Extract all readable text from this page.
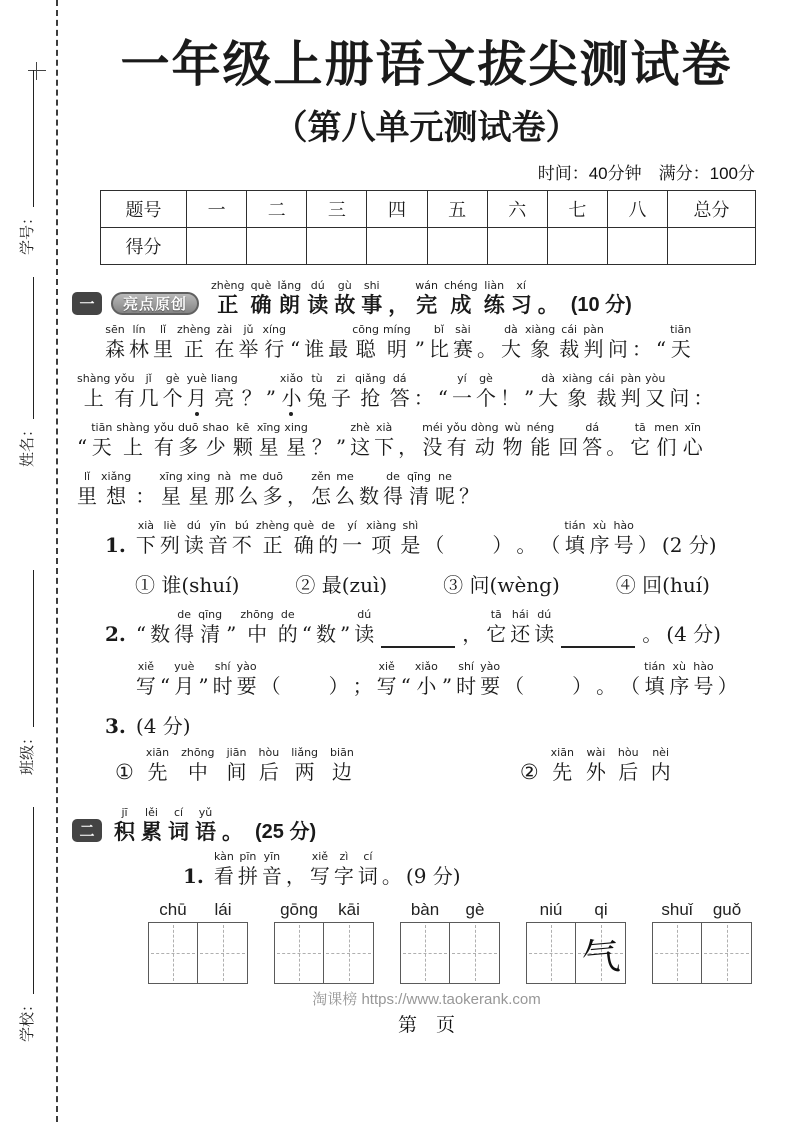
学号：
姓名：
班级：
学校：
一年级上册语文拔尖测试卷
（第八单元测试卷）
时间：40分钟　满分：100分
题号	一	二	三	四	五	六	七	八	总分
得分									
一	亮点原创
zhèng
正
què
确
lǎng
朗
dú
读
gù
故
shi
事
，
wán
完
chéng
成
liàn
练
xí
习
。 (10 分)

sēn
森
lín
林
lǐ
里
zhèng
正
zài
在
jǔ
举
xíng
行
“
谁
最
cōng
聪
míng
明
”
bǐ
比
sài
赛
。
dà
大
xiàng
象
cái
裁
pàn
判
问
：
“
tiān
天

shàng
上
yǒu
有
jǐ
几
gè
个
yuè
月
liang
亮
？
”
xiǎo
小
tù
兔
zi
子
qiǎng
抢
dá
答
：
“
yí
一
gè
个
！
”
dà
大
xiàng
象
cái
裁
pàn
判
yòu
又
问
：

“
tiān
天
shàng
上
yǒu
有
duō
多
shao
少
kē
颗
xīng
星
xing
星
？
”
zhè
这
xià
下
，
méi
没
yǒu
有
dòng
动
wù
物
néng
能
回
dá
答
。
tā
它
men
们
xīn
心

lǐ
里
xiǎng
想
：
xīng
星
xing
星
nà
那
me
么
duō
多
，
zěn
怎
me
么
数
de
得
qīng
清
ne
呢
？

1.
xià
下
liè
列
dú
读
yīn
音
bú
不
zhèng
正
què
确
de
的
yí
一
xiàng
项
shì
是
（

）
。
（
tián
填
xù
序
hào
号
）
(2 分)
① 谁(shuí)	② 最(zuì)	③ 问(wèng)	④ 回(huí)
2.
“
数
de
得
qīng
清
”
zhōng
中
de
的
“
数
”
dú
读
	，
tā
它
hái
还
dú
读
	。
(4 分)
3.
xiě
写
“
yuè
月
”
shí
时
yào
要
（

）
；
xiě
写
“
xiǎo
小
”
shí
时
yào
要
（

）
。
（
tián
填
xù
序
hào
号
）

(4 分)
①
xiān
先
zhōng
中
jiān
间
hòu
后
liǎng
两
biān
边	②
xiān
先
wài
外
hòu
后
nèi
内
二
jī
积
lěi
累
cí
词
yǔ
语
。 (25 分)
1.
kàn
看
pīn
拼
yīn
音
，
xiě
写
zì
字
cí
词
。
(9 分)
chū	lái	gōng	kāi	bàn	gè	niú	qi
气
shuǐ	guǒ
淘课榜 https://www.taokerank.com
第　页
